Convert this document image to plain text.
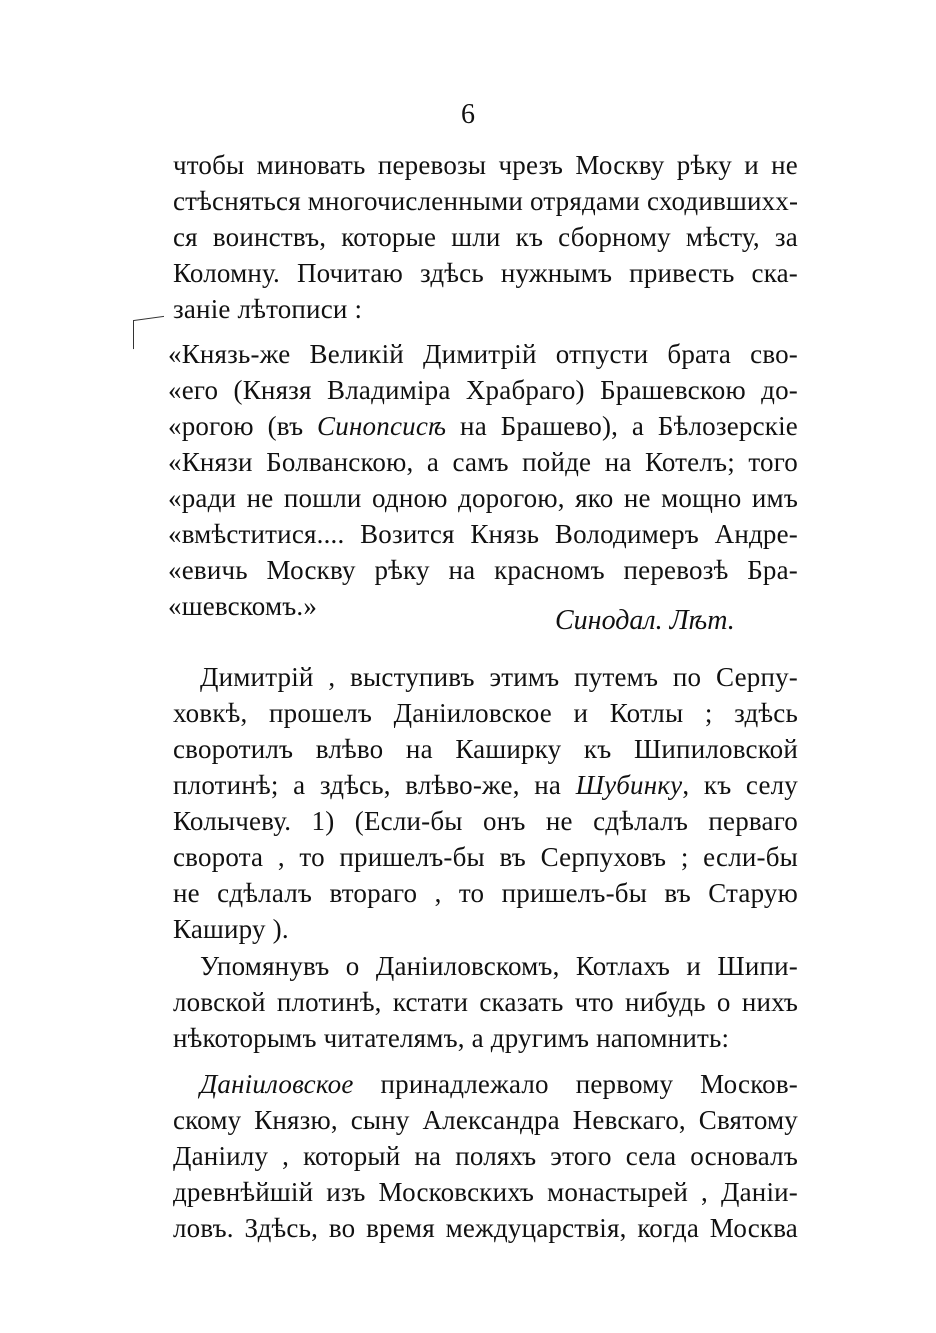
6
чтобы миновать перевозы чрезъ Москву рѣку и не
стѣсняться многочисленными отрядами сходившихх-
ся воинствъ, которые шли къ сборному мѣсту, за
Коломну. Почитаю здѣсь нужнымъ привесть ска-
заніе лѣтописи :
«Князь-же Великій Димитрій отпусти брата сво-
«его (Князя Владиміра Храбраго) Брашевскою до-
«рогою (въ Синопсисѣ на Брашево), а Бѣлозерскіе
«Князи Болванскою, а самъ пойде на Котелъ; того
«ради не пошли одною дорогою, яко не мощно имъ
«вмѣститися.... Возится Князь Володимеръ Андре-
«евичь Москву рѣку на красномъ перевозѣ Бра-
«шевскомъ.»	Синодал. Лѣт.
Димитрій , выступивъ этимъ путемъ по Серпу-
ховкѣ, прошелъ Даніиловское и Котлы ; здѣсь
своротилъ влѣво на Каширку къ Шипиловской
плотинѣ; а здѣсь, влѣво-же, на Шубинку, къ селу
Колычеву. 1) (Если-бы онъ не сдѣлалъ перваго
сворота , то пришелъ-бы въ Серпуховъ ; если-бы
не сдѣлалъ втораго , то пришелъ-бы въ Старую
Каширу ).
Упомянувъ о Даніиловскомъ, Котлахъ и Шипи-
ловской плотинѣ, кстати сказать что нибудь о нихъ
нѣкоторымъ читателямъ, а другимъ напомнить:
Даніиловское принадлежало первому Москов-
скому Князю, сыну Александра Невскаго, Святому
Даніилу , который на поляхъ этого села основалъ
древнѣйшій изъ Московскихъ монастырей , Даніи-
ловъ. Здѣсь, во время междуцарствія, когда Москва
